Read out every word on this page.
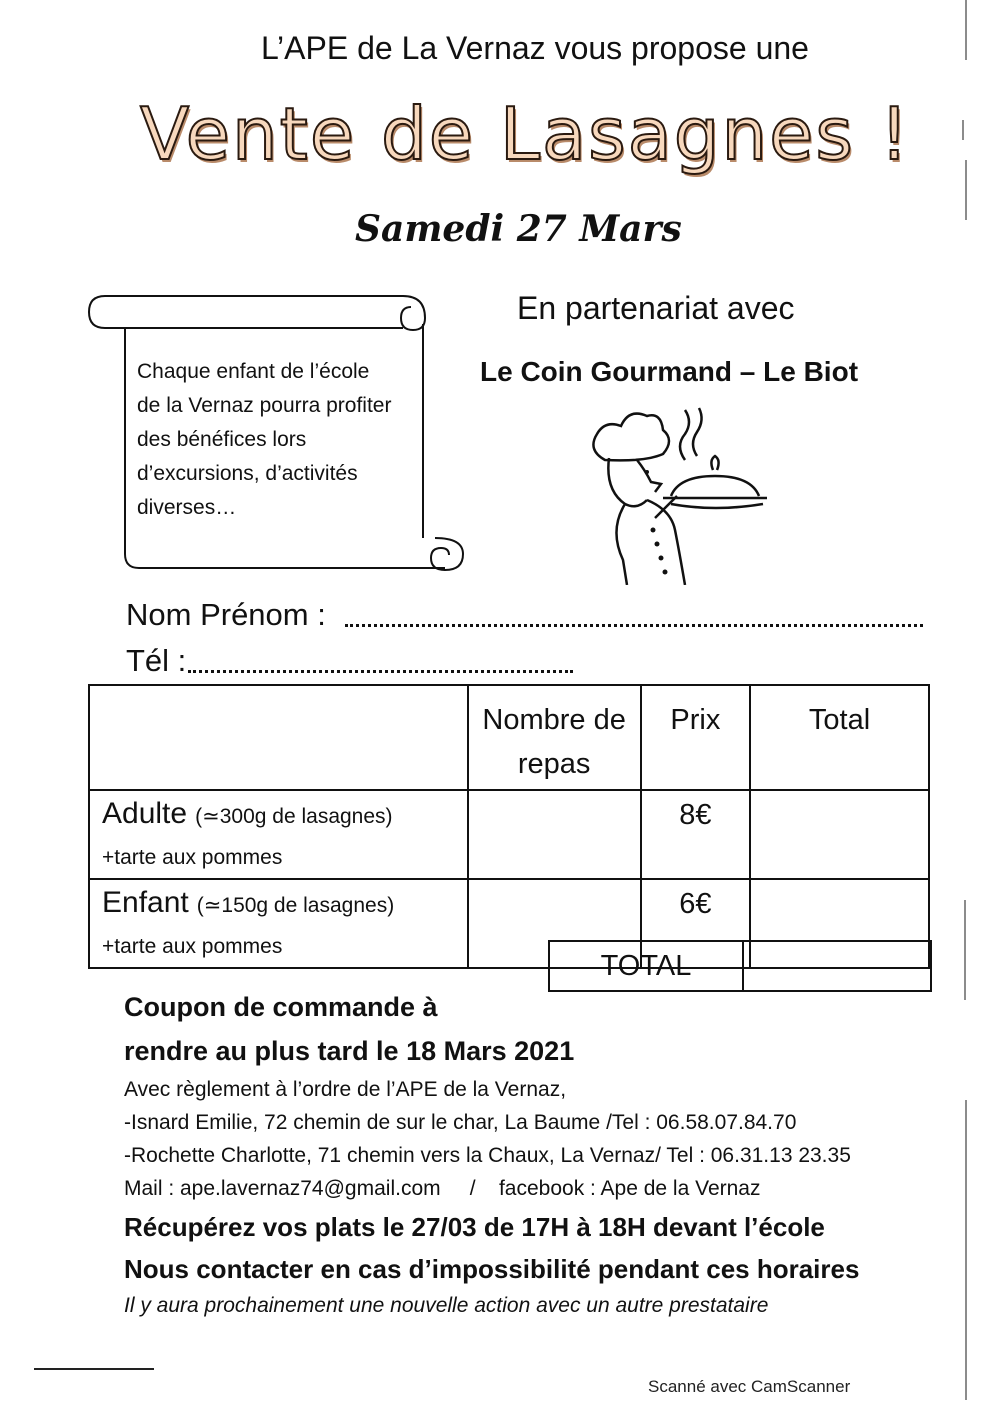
L’APE de La Vernaz vous propose une
Vente de Lasagnes !
Samedi 27 Mars
Chaque enfant de l’école
de la Vernaz pourra profiter
des bénéfices lors
d’excursions, d’activités
diverses…
En partenariat avec
Le Coin Gourmand – Le Biot
Nom Prénom :
Tél :
	Nombre de repas	Prix	Total
Adulte (≃300g de lasagnes)
+tarte aux pommes		8€	
Enfant (≃150g de lasagnes)
+tarte aux pommes		6€	
TOTAL	
Coupon de commande à
rendre au plus tard le 18 Mars 2021
Avec règlement à l’ordre de l’APE de la Vernaz,
-Isnard Emilie, 72 chemin de sur le char, La Baume /Tel : 06.58.07.84.70
-Rochette Charlotte, 71 chemin vers la Chaux, La Vernaz/ Tel : 06.31.13 23.35
Mail : ape.lavernaz74@gmail.com     /    facebook : Ape de la Vernaz
Récupérez vos plats le 27/03 de 17H à 18H devant l’école
Nous contacter en cas d’impossibilité pendant ces horaires
Il y aura prochainement une nouvelle action avec un autre prestataire
Scanné avec CamScanner
